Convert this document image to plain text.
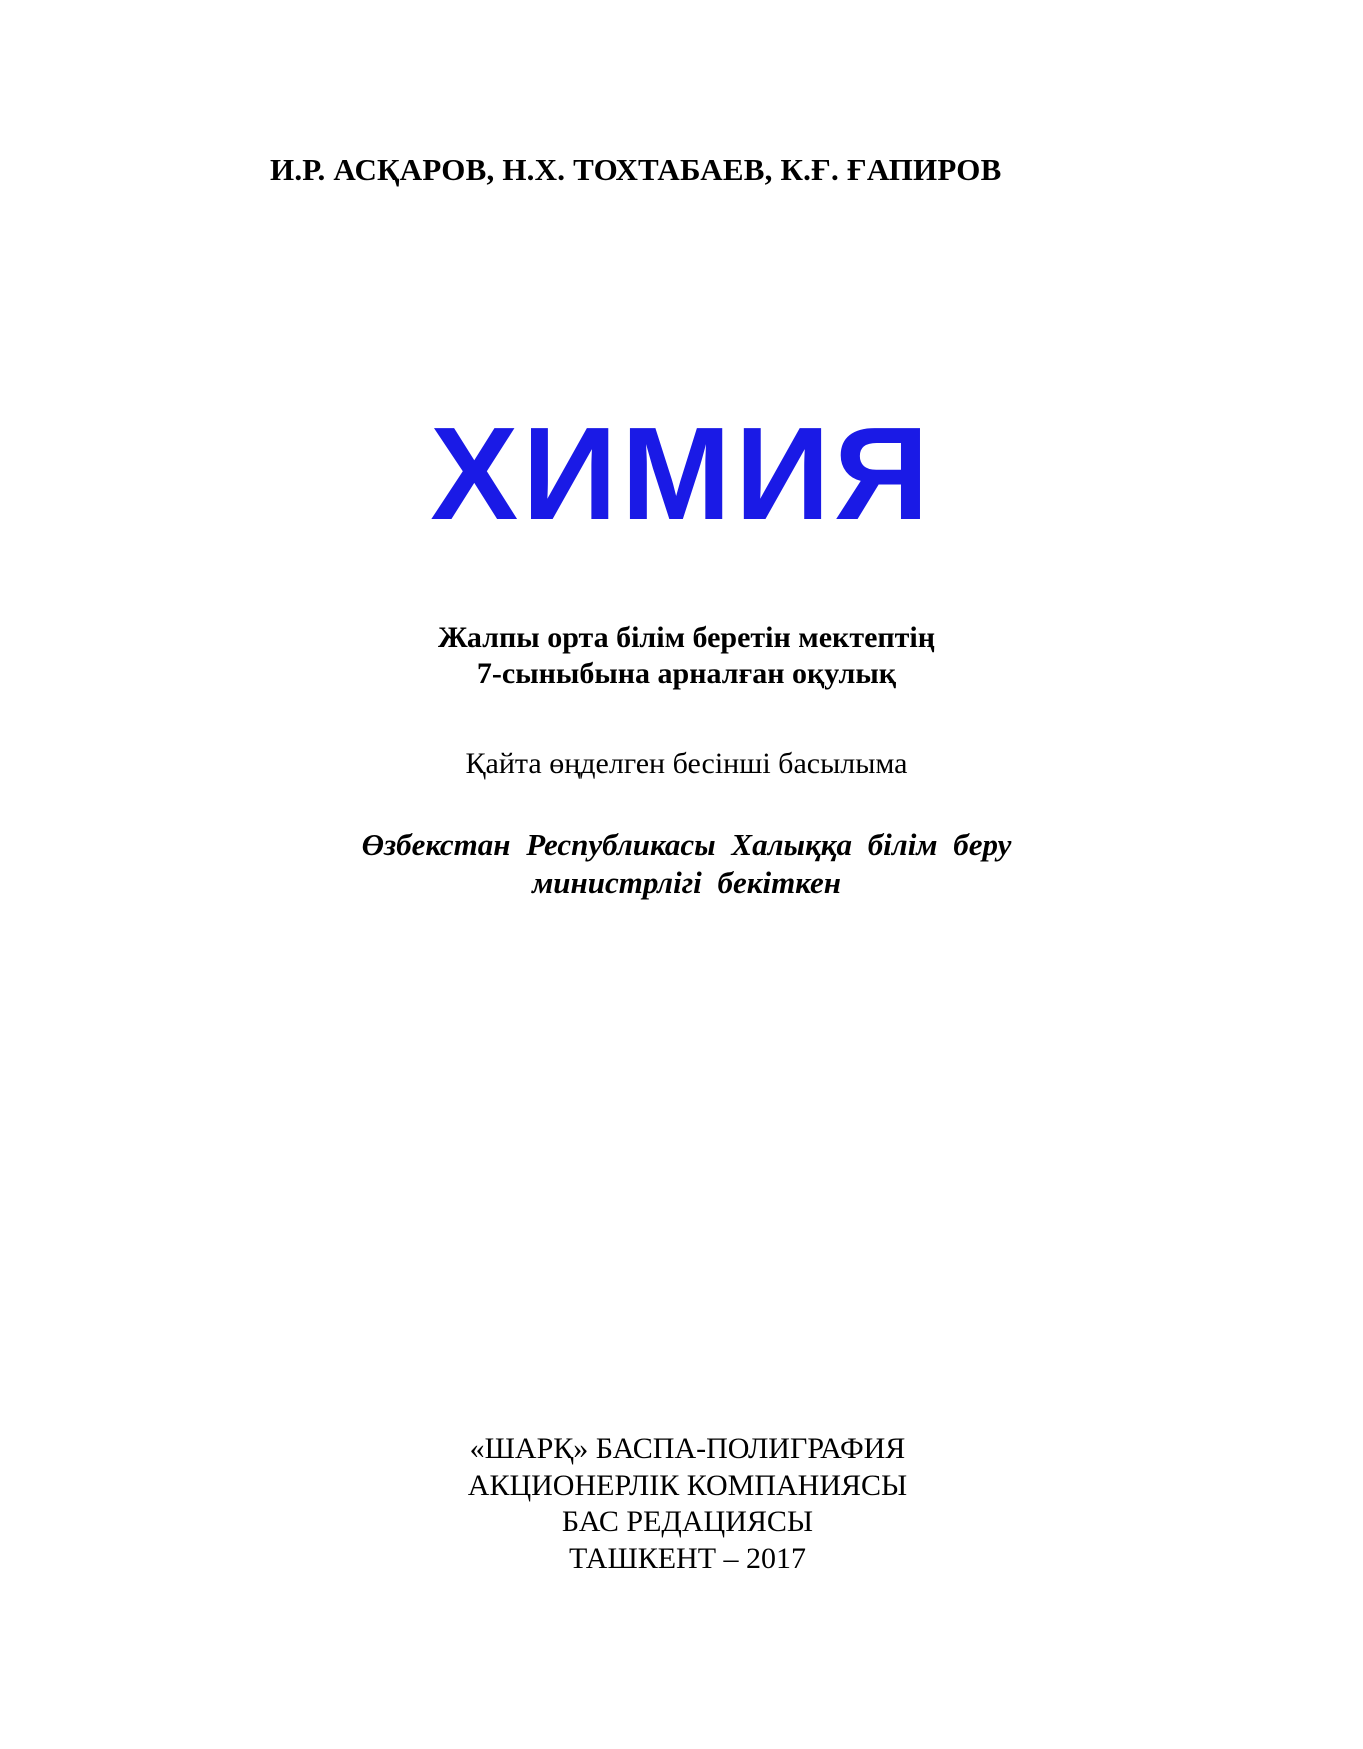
И.Р. АСҚАРОВ, Н.Х. ТОХТАБАЕВ, К.Ғ. ҒАПИРОВ
ХИМИЯ
Жалпы орта білім беретін мектептің
7-сыныбына арналған оқулық
Қайта өңделген бесінші басылыма
Өзбекстан Республикасы Халыққа білім беру
министрлігі бекіткен
«ШАРҚ» БАСПА-ПОЛИГРАФИЯ
АКЦИОНЕРЛІК КОМПАНИЯСЫ
БАС РЕДАЦИЯСЫ
ТАШКЕНТ – 2017
